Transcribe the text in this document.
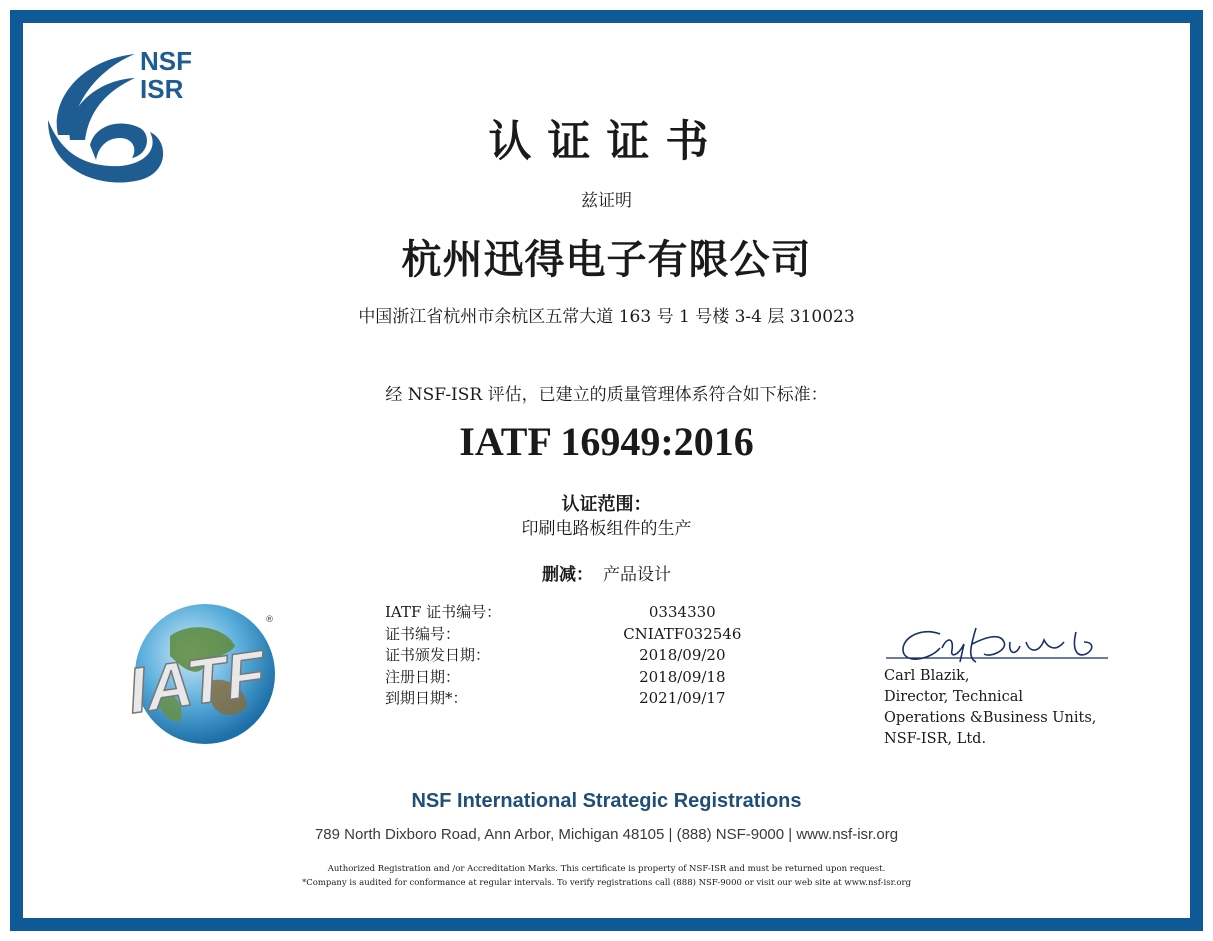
NSF
ISR
认证证书
兹证明
杭州迅得电子有限公司
中国浙江省杭州市余杭区五常大道 163 号 1 号楼 3-4 层 310023
经 NSF-ISR 评估，已建立的质量管理体系符合如下标准：
IATF 16949:2016
认证范围：
印刷电路板组件的生产
删减： 产品设计
IATF
®	IATF 证书编号：	0334330
证书编号：	CNIATF032546
证书颁发日期：	2018/09/20
注册日期：	2018/09/18
到期日期*：	2021/09/17
Carl Blazik,
Director, Technical
Operations &Business Units,
NSF-ISR, Ltd.
NSF International Strategic Registrations
789 North Dixboro Road, Ann Arbor, Michigan 48105 | (888) NSF-9000 | www.nsf-isr.org
Authorized Registration and /or Accreditation Marks. This certificate is property of NSF-ISR and must be returned upon request.
*Company is audited for conformance at regular intervals. To verify registrations call (888) NSF-9000 or visit our web site at www.nsf-isr.org
